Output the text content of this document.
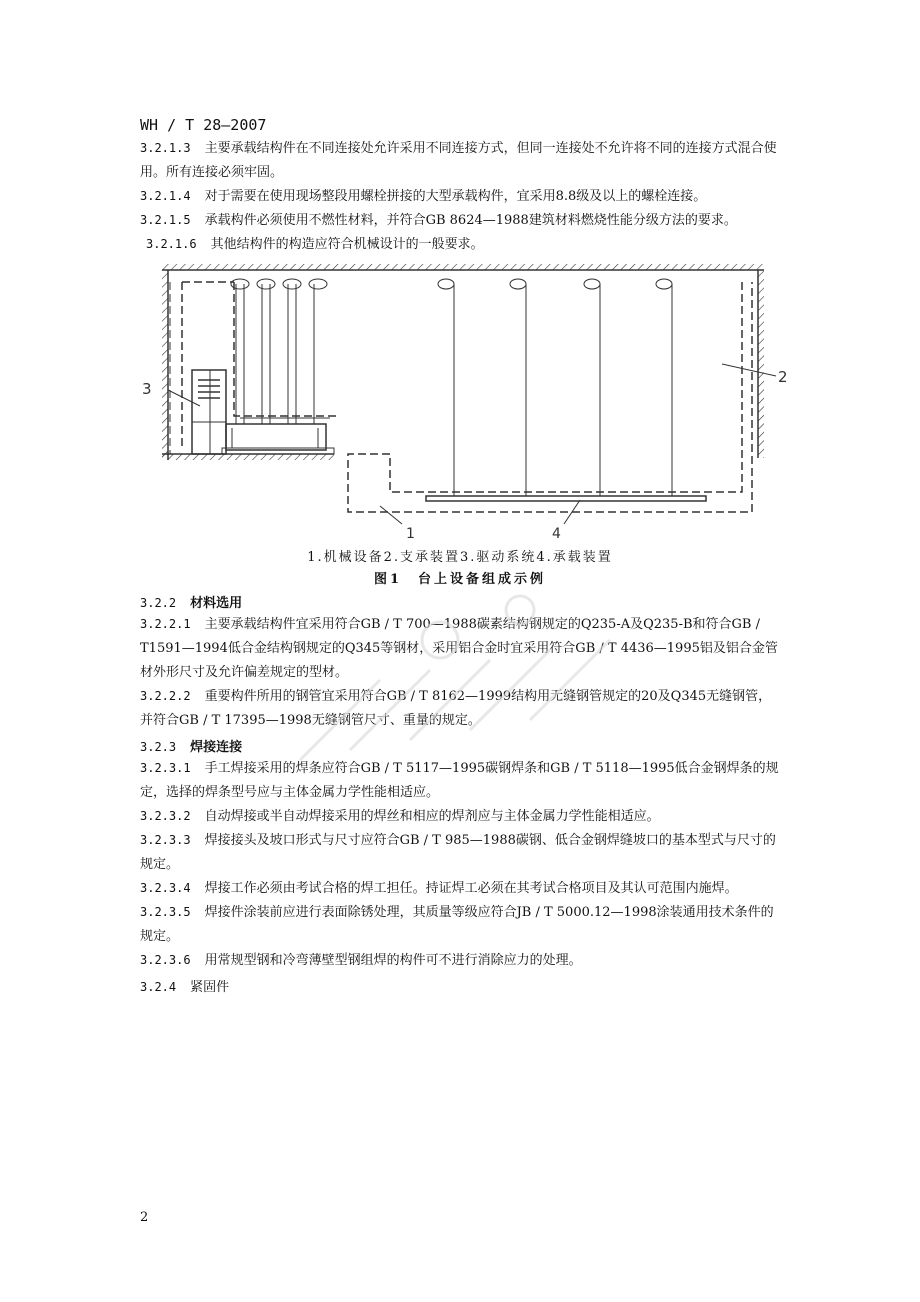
WH / T 28—2007

3.2.1.3 主要承载结构件在不同连接处允许采用不同连接方式，但同一连接处不允许将不同的连接方式混合使用。所有连接必须牢固。

3.2.1.4 对于需要在使用现场整段用螺栓拼接的大型承载构件，宜采用8.8级及以上的螺栓连接。

3.2.1.5 承载构件必须使用不燃性材料，并符合GB 8624—1988建筑材料燃烧性能分级方法的要求。

3.2.1.6 其他结构件的构造应符合机械设计的一般要求。

3
2
1	4
1.机械设备2.支承装置3.驱动系统4.承载装置
图1　台上设备组成示例
3.2.2 材料选用

3.2.2.1 主要承载结构件宜采用符合GB / T 700—1988碳素结构钢规定的Q235-A及Q235-B和符合GB / T1591—1994低合金结构钢规定的Q345等钢材，采用铝合金时宜采用符合GB / T 4436—1995铝及铝合金管材外形尺寸及允许偏差规定的型材。

3.2.2.2 重要构件所用的钢管宜采用符合GB / T 8162—1999结构用无缝钢管规定的20及Q345无缝钢管，并符合GB / T 17395—1998无缝钢管尺寸、重量的规定。

3.2.3 焊接连接

3.2.3.1 手工焊接采用的焊条应符合GB / T 5117—1995碳钢焊条和GB / T 5118—1995低合金钢焊条的规定，选择的焊条型号应与主体金属力学性能相适应。

3.2.3.2 自动焊接或半自动焊接采用的焊丝和相应的焊剂应与主体金属力学性能相适应。

3.2.3.3 焊接接头及坡口形式与尺寸应符合GB / T 985—1988碳钢、低合金钢焊缝坡口的基本型式与尺寸的规定。

3.2.3.4 焊接工作必须由考试合格的焊工担任。持证焊工必须在其考试合格项目及其认可范围内施焊。

3.2.3.5 焊接件涂装前应进行表面除锈处理，其质量等级应符合JB / T 5000.12—1998涂装通用技术条件的规定。

3.2.3.6 用常规型钢和冷弯薄壁型钢组焊的构件可不进行消除应力的处理。

3.2.4 紧固件
2
